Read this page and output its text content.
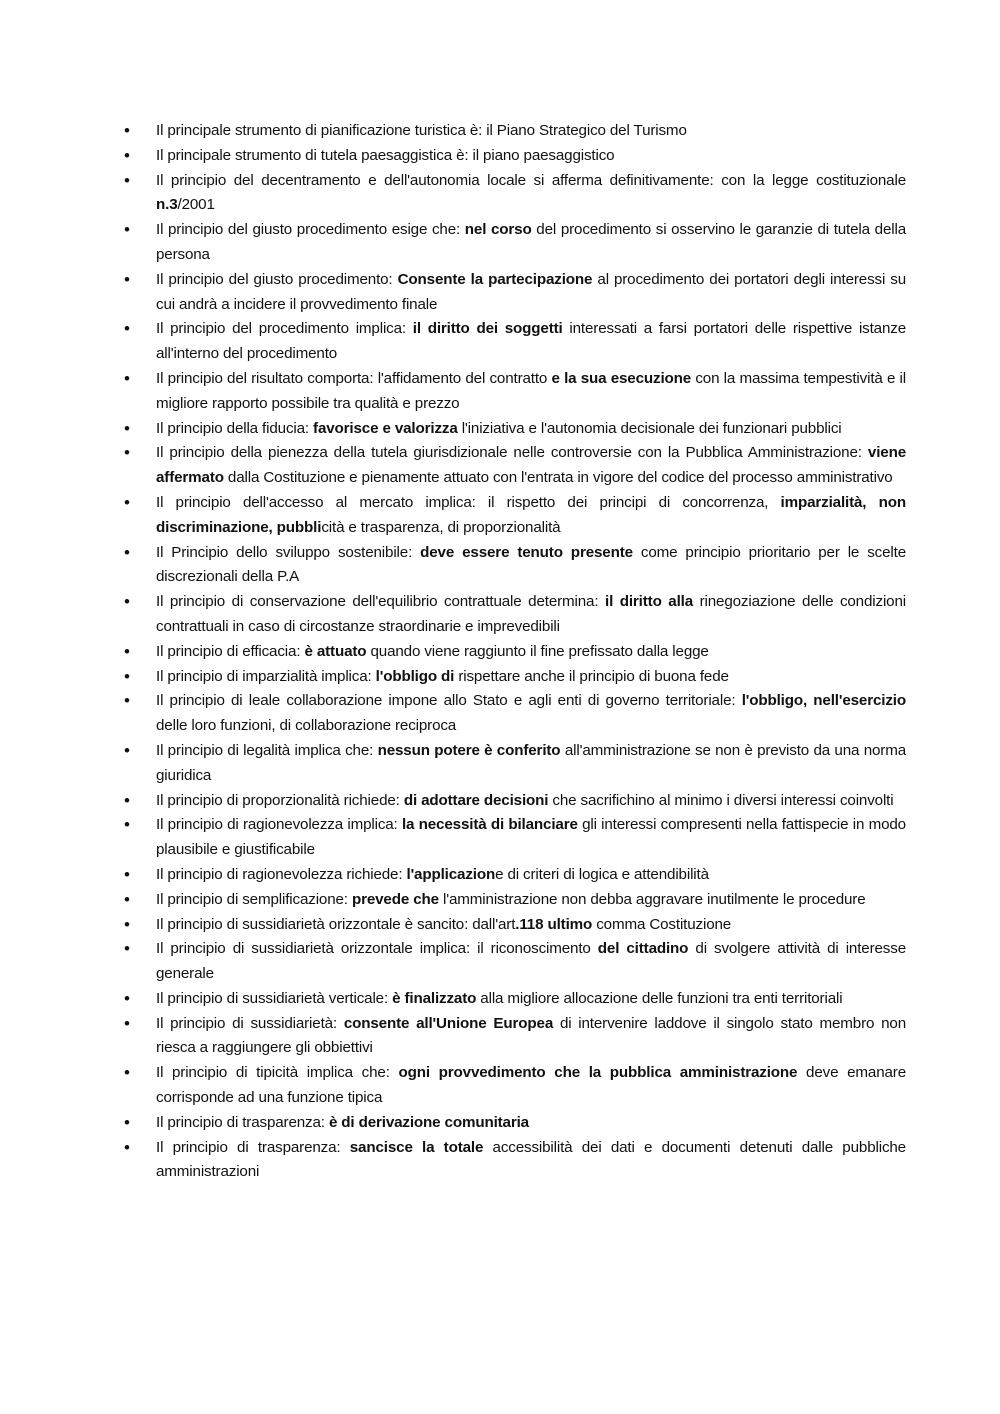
• Il principale strumento di pianificazione turistica è: il Piano Strategico del Turismo
• Il principale strumento di tutela paesaggistica è: il piano paesaggistico
• Il principio del decentramento e dell'autonomia locale si afferma definitivamente: con la legge costituzionale n.3/2001
• Il principio del giusto procedimento esige che: nel corso del procedimento si osservino le garanzie di tutela della persona
• Il principio del giusto procedimento: Consente la partecipazione al procedimento dei portatori degli interessi su cui andrà a incidere il provvedimento finale
• Il principio del procedimento implica: il diritto dei soggetti interessati a farsi portatori delle rispettive istanze all'interno del procedimento
• Il principio del risultato comporta: l'affidamento del contratto e la sua esecuzione con la massima tempestività e il migliore rapporto possibile tra qualità e prezzo
• Il principio della fiducia: favorisce e valorizza l'iniziativa e l'autonomia decisionale dei funzionari pubblici
• Il principio della pienezza della tutela giurisdizionale nelle controversie con la Pubblica Amministrazione: viene affermato dalla Costituzione e pienamente attuato con l'entrata in vigore del codice del processo amministrativo
• Il principio dell'accesso al mercato implica: il rispetto dei principi di concorrenza, imparzialità, non discriminazione, pubblicità e trasparenza, di proporzionalità
• Il Principio dello sviluppo sostenibile: deve essere tenuto presente come principio prioritario per le scelte discrezionali della P.A
• Il principio di conservazione dell'equilibrio contrattuale determina: il diritto alla rinegoziazione delle condizioni contrattuali in caso di circostanze straordinarie e imprevedibili
• Il principio di efficacia: è attuato quando viene raggiunto il fine prefissato dalla legge
• Il principio di imparzialità implica: l'obbligo di rispettare anche il principio di buona fede
• Il principio di leale collaborazione impone allo Stato e agli enti di governo territoriale: l'obbligo, nell'esercizio delle loro funzioni, di collaborazione reciproca
• Il principio di legalità implica che: nessun potere è conferito all'amministrazione se non è previsto da una norma giuridica
• Il principio di proporzionalità richiede: di adottare decisioni che sacrifichino al minimo i diversi interessi coinvolti
• Il principio di ragionevolezza implica: la necessità di bilanciare gli interessi compresenti nella fattispecie in modo plausibile e giustificabile
• Il principio di ragionevolezza richiede: l'applicazione di criteri di logica e attendibilità
• Il principio di semplificazione: prevede che l'amministrazione non debba aggravare inutilmente le procedure
• Il principio di sussidiarietà orizzontale è sancito: dall'art.118 ultimo comma Costituzione
• Il principio di sussidiarietà orizzontale implica: il riconoscimento del cittadino di svolgere attività di interesse generale
• Il principio di sussidiarietà verticale: è finalizzato alla migliore allocazione delle funzioni tra enti territoriali
• Il principio di sussidiarietà: consente all'Unione Europea di intervenire laddove il singolo stato membro non riesca a raggiungere gli obbiettivi
• Il principio di tipicità implica che: ogni provvedimento che la pubblica amministrazione deve emanare corrisponde ad una funzione tipica
• Il principio di trasparenza: è di derivazione comunitaria
• Il principio di trasparenza: sancisce la totale accessibilità dei dati e documenti detenuti dalle pubbliche amministrazioni
